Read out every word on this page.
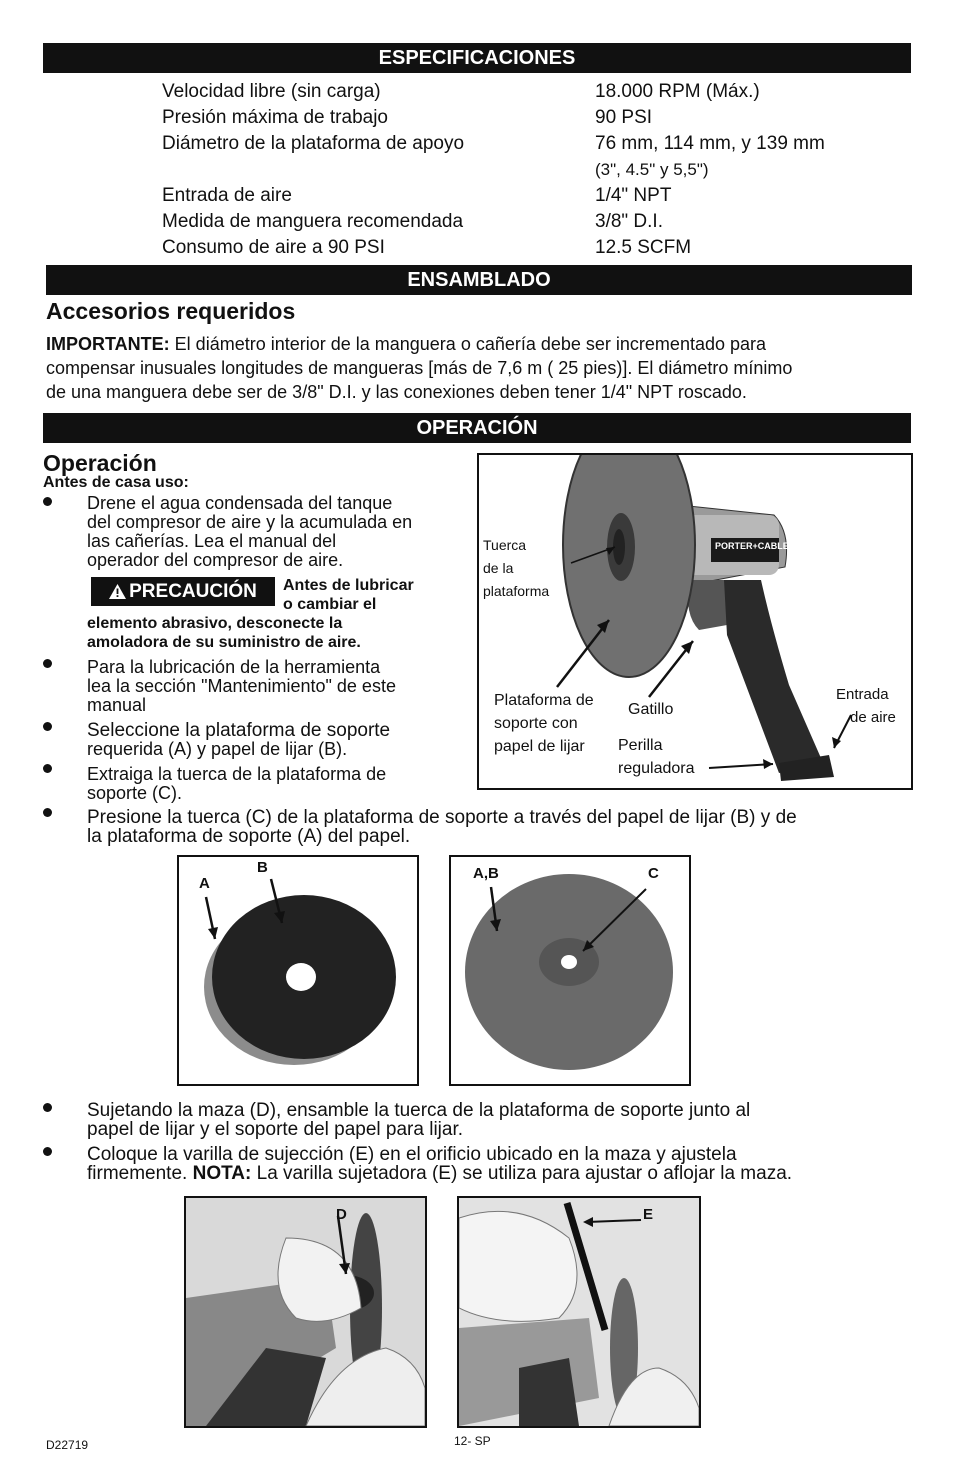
ESPECIFICACIONES
Velocidad libre (sin carga)	18.000 RPM (Máx.)
Presión máxima de trabajo	90 PSI
Diámetro de la plataforma de apoyo	76 mm, 114 mm, y 139 mm
(3", 4.5" y 5,5")
Entrada de aire	1/4" NPT
Medida de manguera recomendada	3/8" D.I.
Consumo de aire a 90 PSI	12.5 SCFM
ENSAMBLADO
Accesorios requeridos
IMPORTANTE: El diámetro interior de la manguera o cañería debe ser incrementado para
compensar inusuales longitudes de mangueras [más de 7,6 m ( 25 pies)]. El diámetro mínimo
de una manguera debe ser de 3/8" D.I. y las conexiones deben tener 1/4" NPT roscado.
OPERACIÓN
Operación
Antes de casa uso:
Drene el agua condensada del tanque
del compresor de aire y la acumulada en
las cañerías. Lea el manual del
operador del compresor de aire.
PRECAUCIÓN Antes de lubricar
o cambiar el
elemento abrasivo, desconecte la
amoladora de su suministro de aire.
Para la lubricación de la herramienta
lea la sección "Mantenimiento" de este
manual
Seleccione la plataforma de soporte
requerida (A) y papel de lijar (B).
Extraiga la tuerca de la plataforma de
soporte (C).
Presione la tuerca (C) de la plataforma de soporte a través del papel de lijar (B) y de
la plataforma de soporte (A) del papel.
PORTER+CABLE
Tuerca
de la
plataforma
Plataforma de
soporte con
papel de lijar
Gatillo
Perilla
reguladora
Entrada
de aire
A
B	A,B	C
Sujetando la maza (D), ensamble la tuerca de la plataforma de soporte junto al
papel de lijar y el soporte del papel para lijar.
Coloque la varilla de sujección (E) en el orificio ubicado en la maza y ajustela
firmemente. NOTA: La varilla sujetadora (E) se utiliza para ajustar o aflojar la maza.
D	E
D22719	12- SP
